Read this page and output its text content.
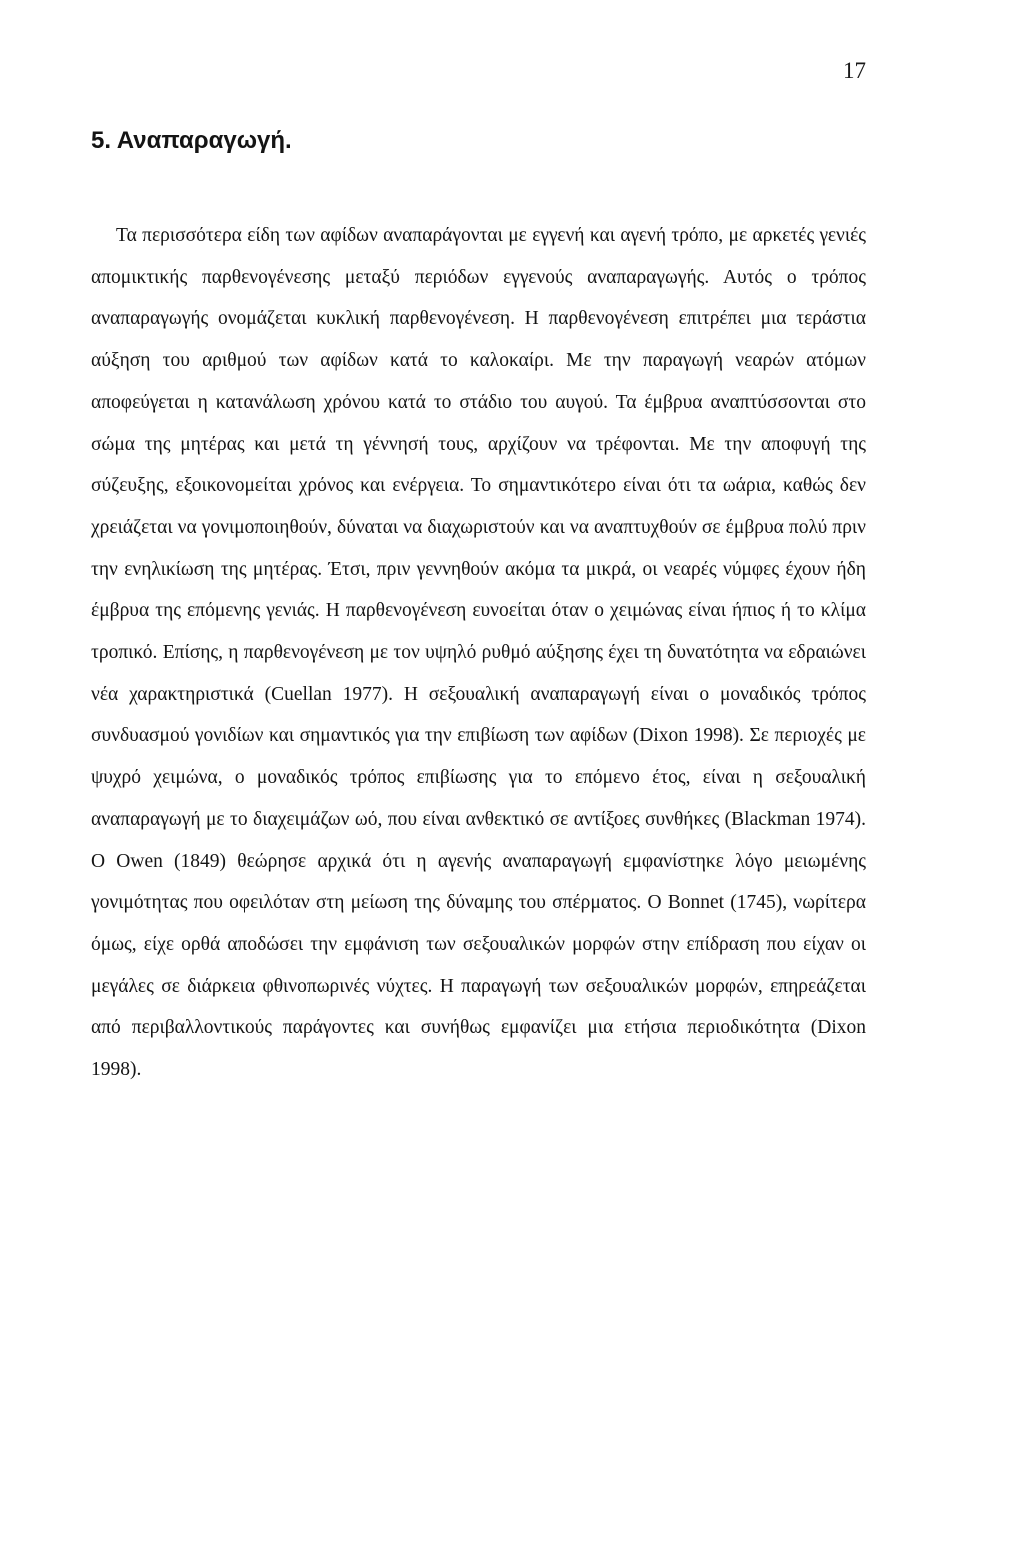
17
5. Αναπαραγωγή.

Τα περισσότερα είδη των αφίδων αναπαράγονται με εγγενή και αγενή τρόπο, με αρκετές γενιές απομικτικής παρθενογένεσης μεταξύ περιόδων εγγενούς αναπαραγωγής. Αυτός ο τρόπος αναπαραγωγής ονομάζεται κυκλική παρθενογένεση. Η παρθενογένεση επιτρέπει μια τεράστια αύξηση του αριθμού των αφίδων κατά το καλοκαίρι. Με την παραγωγή νεαρών ατόμων αποφεύγεται η κατανάλωση χρόνου κατά το στάδιο του αυγού. Τα έμβρυα αναπτύσσονται στο σώμα της μητέρας και μετά τη γέννησή τους, αρχίζουν να τρέφονται. Με την αποφυγή της σύζευξης, εξοικονομείται χρόνος και ενέργεια. Το σημαντικότερο είναι ότι τα ωάρια, καθώς δεν χρειάζεται να γονιμοποιηθούν, δύναται να διαχωριστούν και να αναπτυχθούν σε έμβρυα πολύ πριν την ενηλικίωση της μητέρας. Έτσι, πριν γεννηθούν ακόμα τα μικρά, οι νεαρές νύμφες έχουν ήδη έμβρυα της επόμενης γενιάς. Η παρθενογένεση ευνοείται όταν ο χειμώνας είναι ήπιος ή το κλίμα τροπικό. Επίσης, η παρθενογένεση με τον υψηλό ρυθμό αύξησης έχει τη δυνατότητα να εδραιώνει νέα χαρακτηριστικά (Cuellan 1977). Η σεξουαλική αναπαραγωγή είναι ο μοναδικός τρόπος συνδυασμού γονιδίων και σημαντικός για την επιβίωση των αφίδων (Dixon 1998). Σε περιοχές με ψυχρό χειμώνα, ο μοναδικός τρόπος επιβίωσης για το επόμενο έτος, είναι η σεξουαλική αναπαραγωγή με το διαχειμάζων ωό, που είναι ανθεκτικό σε αντίξοες συνθήκες (Blackman 1974). Ο Owen (1849) θεώρησε αρχικά ότι η αγενής αναπαραγωγή εμφανίστηκε λόγο μειωμένης γονιμότητας που οφειλόταν στη μείωση της δύναμης του σπέρματος. Ο Bonnet (1745), νωρίτερα όμως, είχε ορθά αποδώσει την εμφάνιση των σεξουαλικών μορφών στην επίδραση που είχαν οι μεγάλες σε διάρκεια φθινοπωρινές νύχτες. Η παραγωγή των σεξουαλικών μορφών, επηρεάζεται από περιβαλλοντικούς παράγοντες και συνήθως εμφανίζει μια ετήσια περιοδικότητα (Dixon 1998).
